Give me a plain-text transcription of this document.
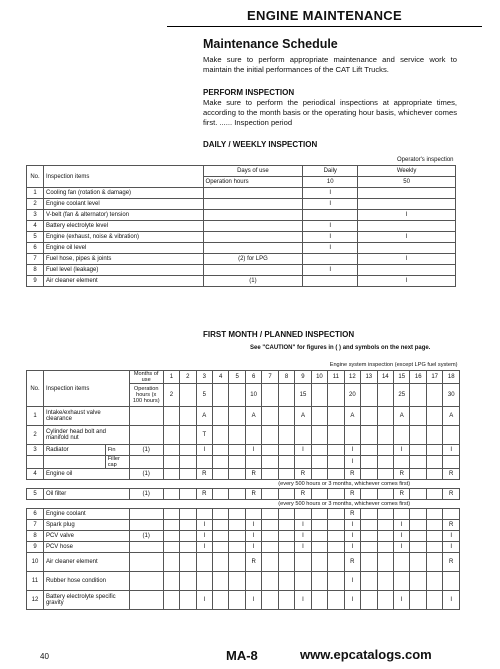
ENGINE MAINTENANCE
Maintenance Schedule
Make sure to perform appropriate maintenance and service work to maintain the initial performances of the CAT Lift Trucks.
PERFORM INSPECTION
Make sure to perform the periodical inspections at appropriate times, according to the month basis or the operating hour basis, whichever comes first. ...... Inspection period
DAILY / WEEKLY INSPECTION
				Operator's inspection
No.	Inspection items	Days of use	Daily	Weekly
		Operation hours	10	50
1	Cooling fan (rotation & damage)		I	
2	Engine coolant level		I	
3	V-belt (fan & alternator) tension			I
4	Battery electrolyte level		I	
5	Engine (exhaust, noise & vibration)		I	I
6	Engine oil level		I	
7	Fuel hose, pipes & joints	(2) for LPG		I
8	Fuel level (leakage)		I	
9	Air cleaner element	(1)		I
FIRST MONTH / PLANNED INSPECTION
See "CAUTION" for figures in ( ) and symbols on the next page.
					Engine system inspection (except LPG fuel system)																
No.	Inspection items		Months of use	1	2	3	4	5	6	7	8	9	10	11	12	13	14	15	16	17	18
			Operation hours (x 100 hours)	2		5			10			15			20			25			30
1	Intake/exhaust valve clearance					A			A			A			A			A			A
2	Cylinder head bolt and manifold nut					T															
3	Radiator	Fin	(1)			I			I			I			I			I			I
		Filler cap													I						
4	Engine oil		(1)			R			R			R			R			R			R
								(every 500 hours or 3 months, whichever comes first)													
5	Oil filter		(1)			R			R			R			R			R			R
								(every 500 hours or 3 months, whichever comes first)													
6	Engine coolant														R						
7	Spark plug					I			I			I			I			I			R
8	PCV valve		(1)			I			I			I			I			I			I
9	PCV hose					I			I			I			I			I			I
10	Air cleaner element								R						R						R
11	Rubber hose condition														I						
12	Battery electrolyte specific gravity					I			I			I			I			I			I
40	MA-8	www.epcatalogs.com
